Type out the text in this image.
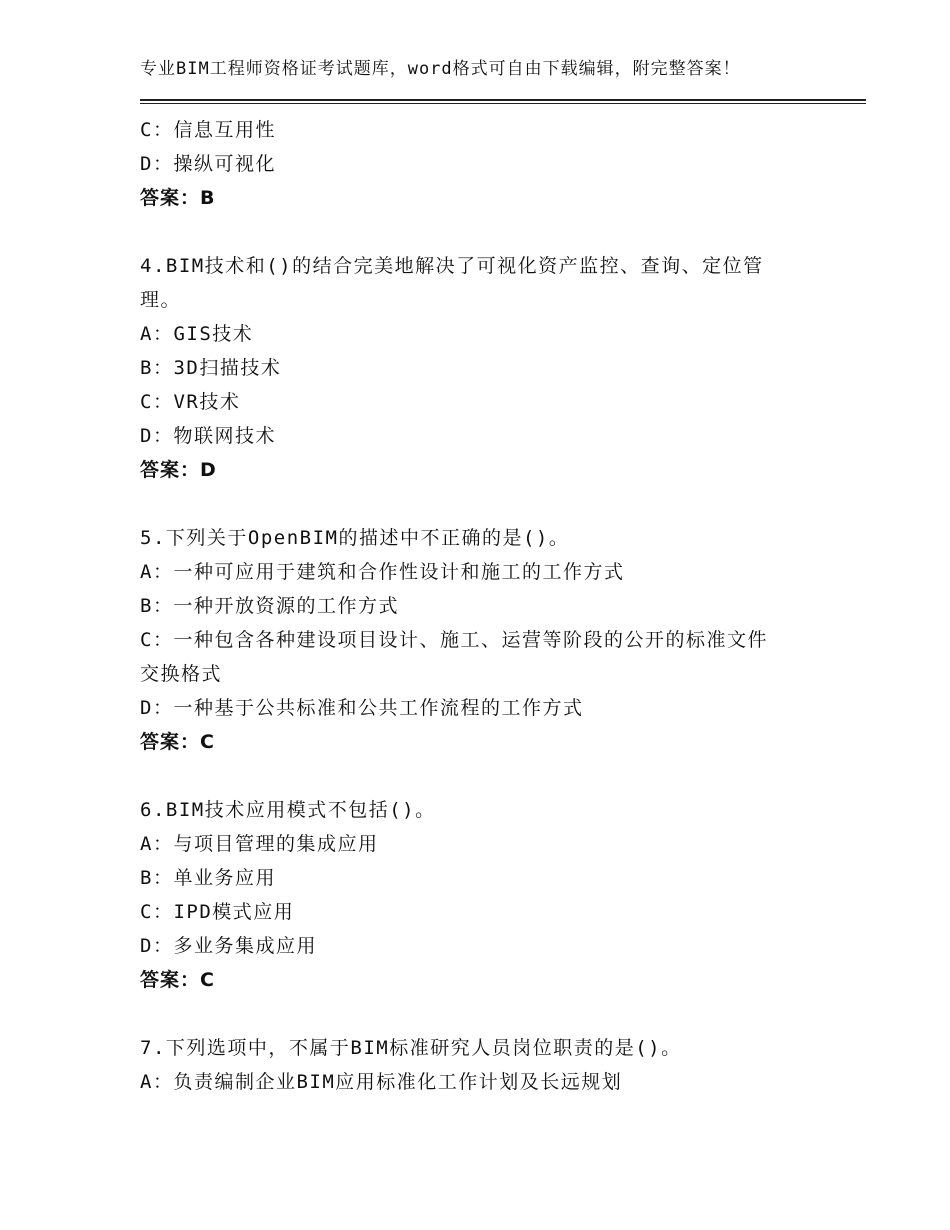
专业BIM工程师资格证考试题库，word格式可自由下载编辑，附完整答案！
C：信息互用性
D：操纵可视化
答案：B
4.BIM技术和()的结合完美地解决了可视化资产监控、查询、定位管
理。
A：GIS技术
B：3D扫描技术
C：VR技术
D：物联网技术
答案：D
5.下列关于OpenBIM的描述中不正确的是()。
A：一种可应用于建筑和合作性设计和施工的工作方式
B：一种开放资源的工作方式
C：一种包含各种建设项目设计、施工、运营等阶段的公开的标准文件
交换格式
D：一种基于公共标准和公共工作流程的工作方式
答案：C
6.BIM技术应用模式不包括()。
A：与项目管理的集成应用
B：单业务应用
C：IPD模式应用
D：多业务集成应用
答案：C
7.下列选项中，不属于BIM标准研究人员岗位职责的是()。
A：负责编制企业BIM应用标准化工作计划及长远规划
